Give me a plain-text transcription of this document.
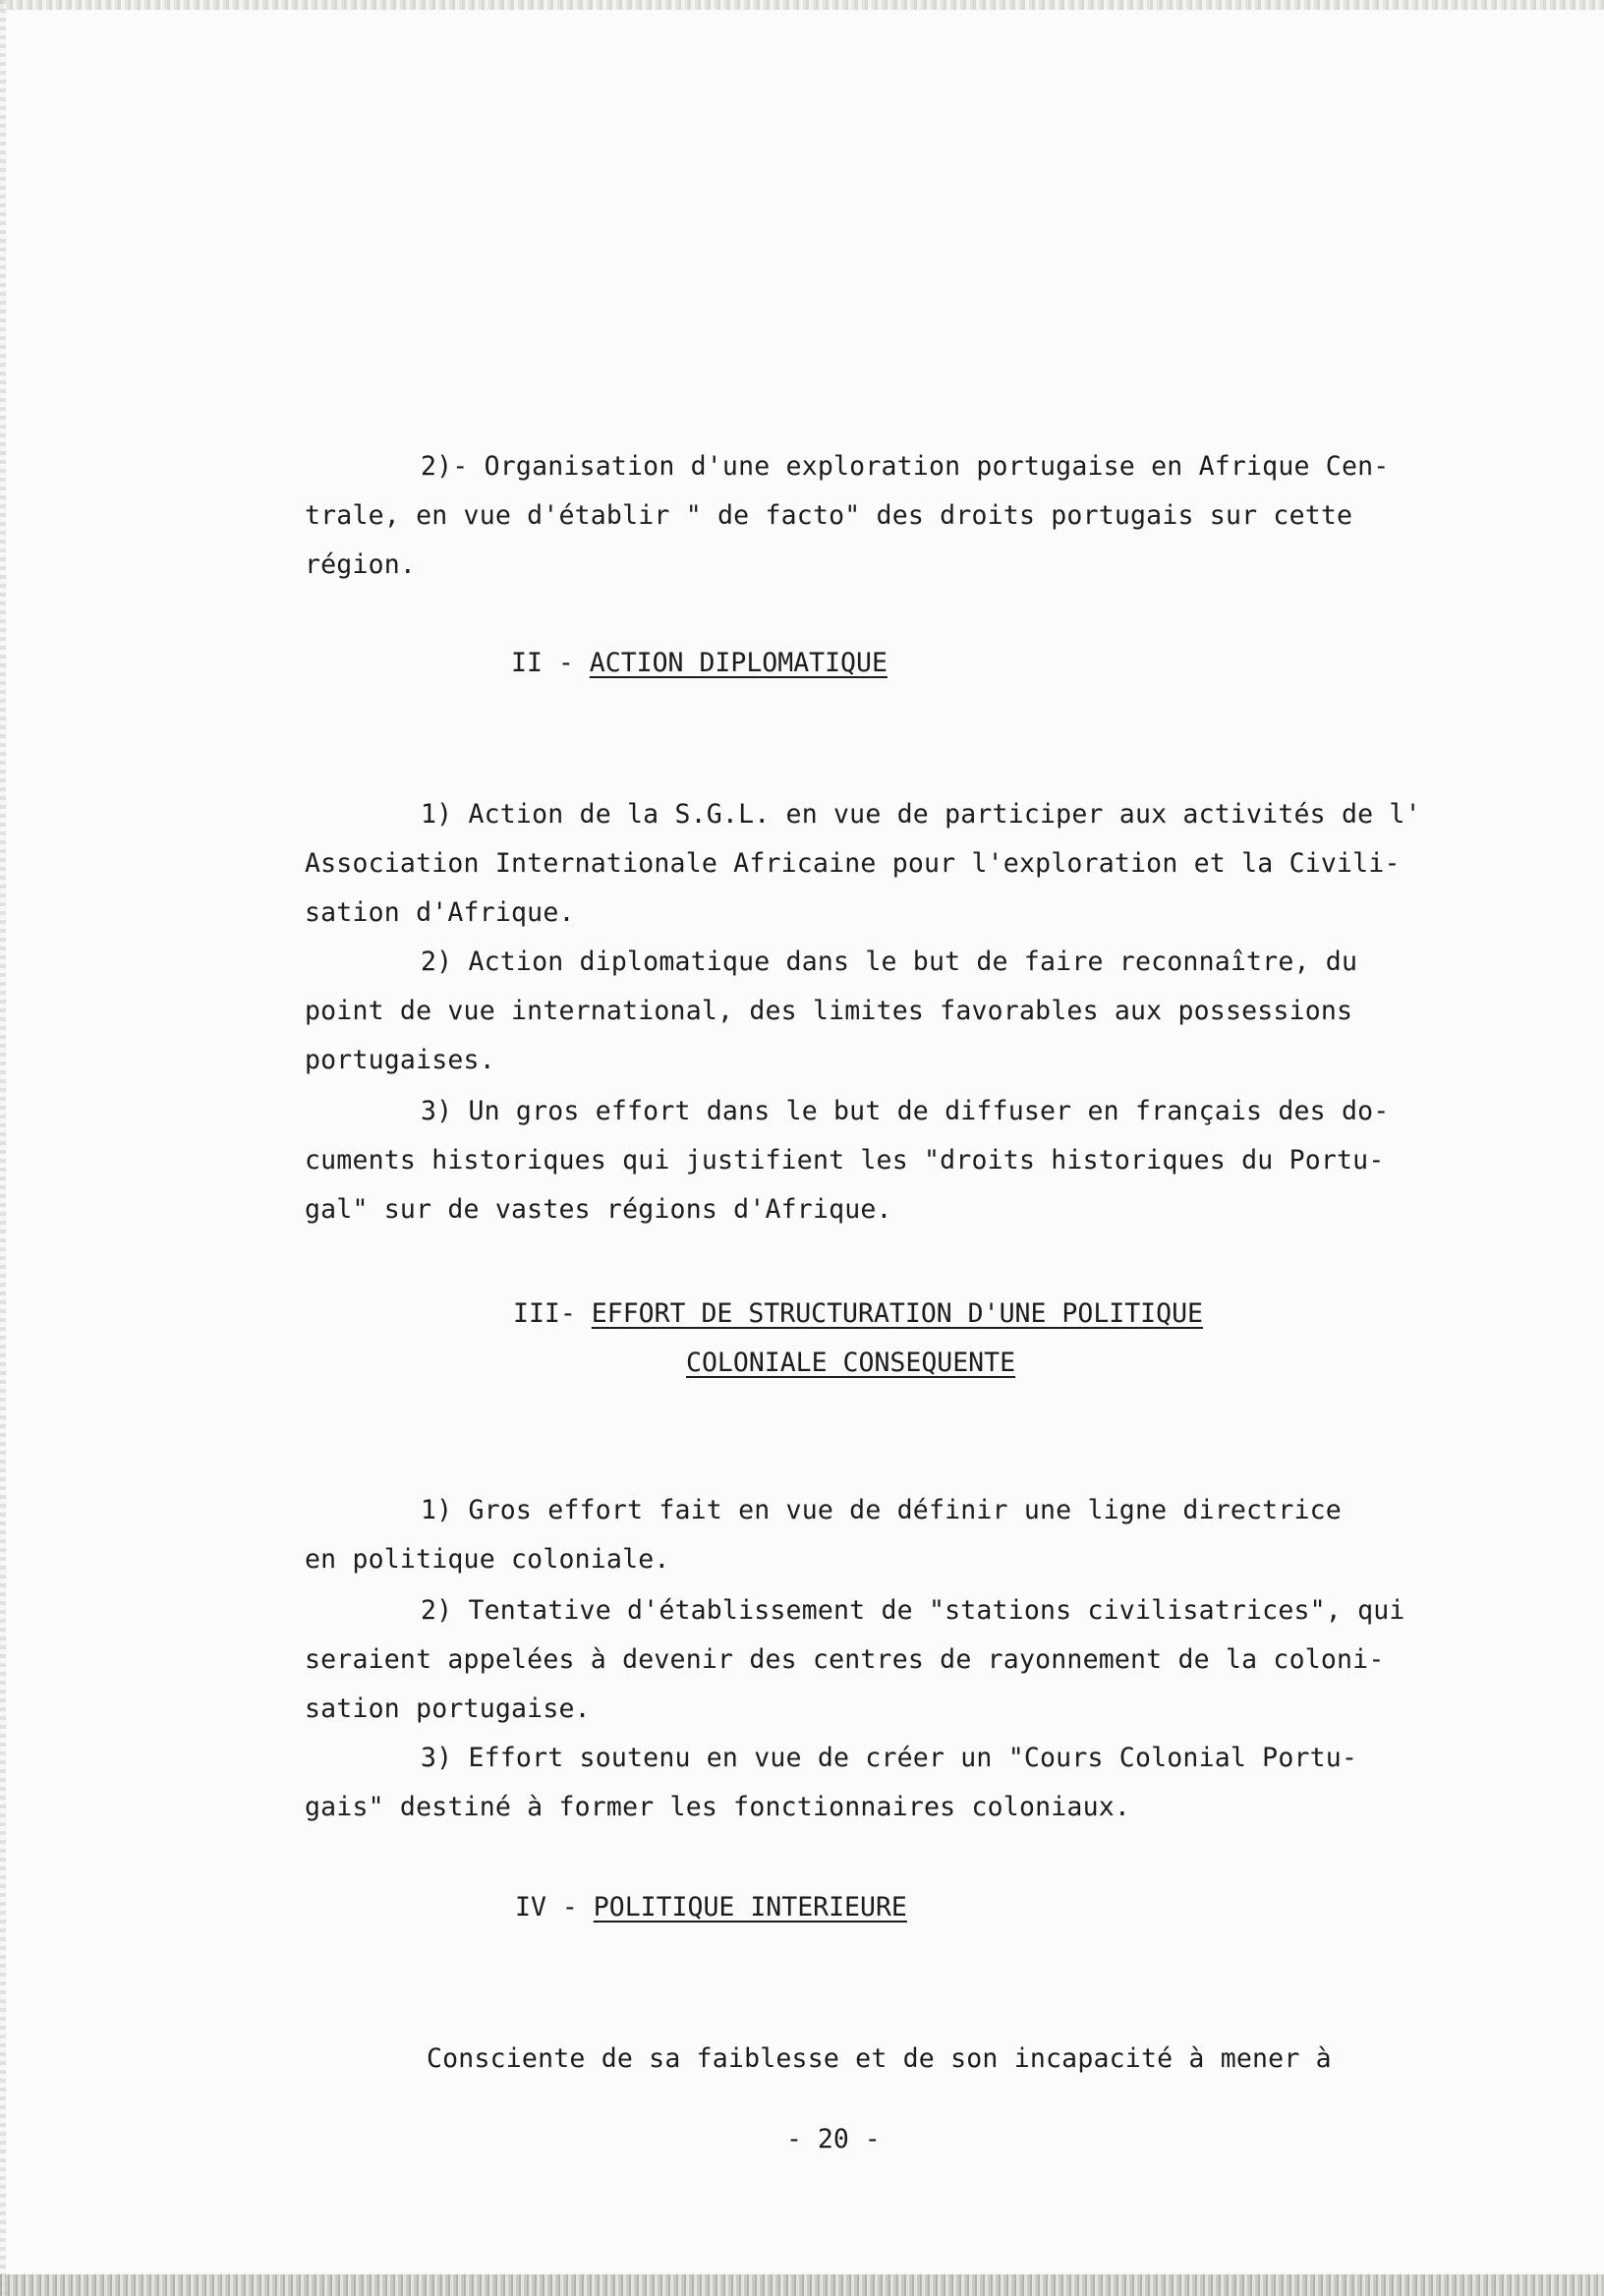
2)- Organisation d'une exploration portugaise en Afrique Cen-
trale, en vue d'établir " de facto" des droits portugais sur cette
région.
II - ACTION DIPLOMATIQUE
1) Action de la S.G.L. en vue de participer aux activités de l'
Association Internationale Africaine pour l'exploration et la Civili-
sation d'Afrique.
2) Action diplomatique dans le but de faire reconnaître, du
point de vue international, des limites favorables aux possessions
portugaises.
3) Un gros effort dans le but de diffuser en français des do-
cuments historiques qui justifient les "droits historiques du Portu-
gal" sur de vastes régions d'Afrique.
III- EFFORT DE STRUCTURATION D'UNE POLITIQUE
COLONIALE CONSEQUENTE
1) Gros effort fait en vue de définir une ligne directrice
en politique coloniale.
2) Tentative d'établissement de "stations civilisatrices", qui
seraient appelées à devenir des centres de rayonnement de la coloni-
sation portugaise.
3) Effort soutenu en vue de créer un "Cours Colonial Portu-
gais" destiné à former les fonctionnaires coloniaux.
IV - POLITIQUE INTERIEURE
Consciente de sa faiblesse et de son incapacité à mener à
- 20 -
